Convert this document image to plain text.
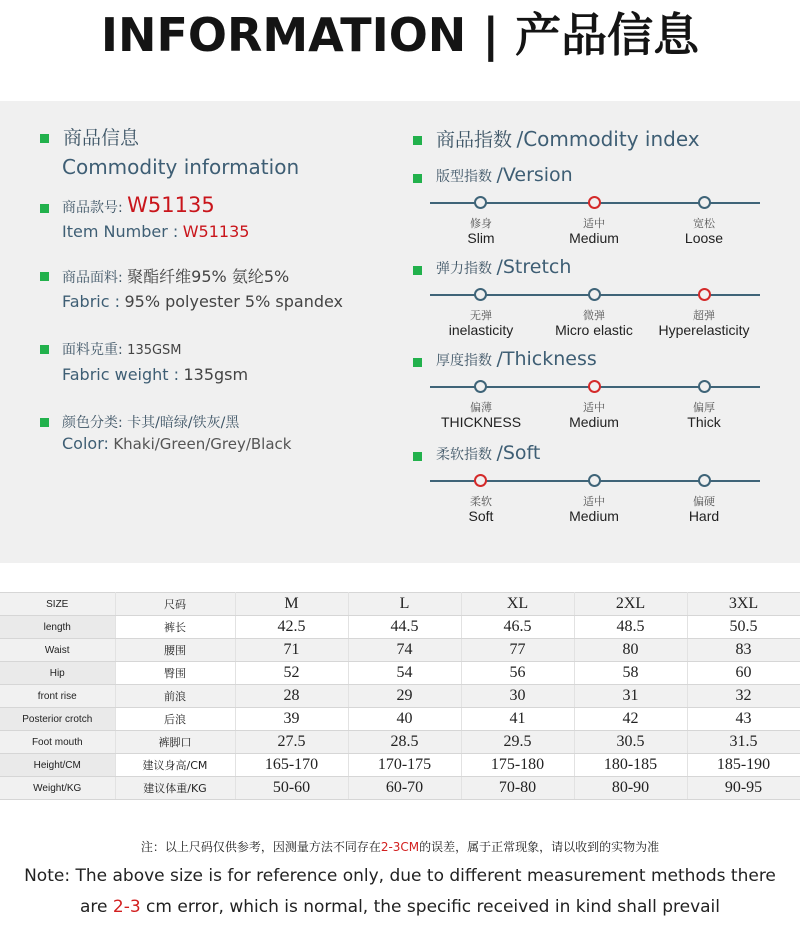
INFORMATION | 产品信息
商品信息
Commodity information
商品款号: W51135
Item Number : W51135
商品面料: 聚酯纤维95% 氨纶5%
Fabric : 95% polyester 5% spandex
面料克重: 135GSM
Fabric weight : 135gsm
颜色分类: 卡其/暗绿/铁灰/黑
Color: Khaki/Green/Grey/Black
商品指数 /Commodity index
版型指数 /Version
修身
Slim
适中
Medium
宽松
Loose
弹力指数 /Stretch
无弹
inelasticity
微弹
Micro elastic
超弹
Hyperelasticity
厚度指数 /Thickness
偏薄
THICKNESS
适中
Medium
偏厚
Thick
柔软指数 /Soft
柔软
Soft
适中
Medium
偏硬
Hard
SIZE	尺码	M	L	XL	2XL	3XL
length	裤长	42.5	44.5	46.5	48.5	50.5
Waist	腰围	71	74	77	80	83
Hip	臀围	52	54	56	58	60
front rise	前浪	28	29	30	31	32
Posterior crotch	后浪	39	40	41	42	43
Foot mouth	裤脚口	27.5	28.5	29.5	30.5	31.5
Height/CM	建议身高/CM	165-170	170-175	175-180	180-185	185-190
Weight/KG	建议体重/KG	50-60	60-70	70-80	80-90	90-95
注：以上尺码仅供参考，因测量方法不同存在2-3CM的误差，属于正常现象，请以收到的实物为准
Note: The above size is for reference only, due to different measurement methods there
are 2-3 cm error, which is normal, the specific received in kind shall prevail
